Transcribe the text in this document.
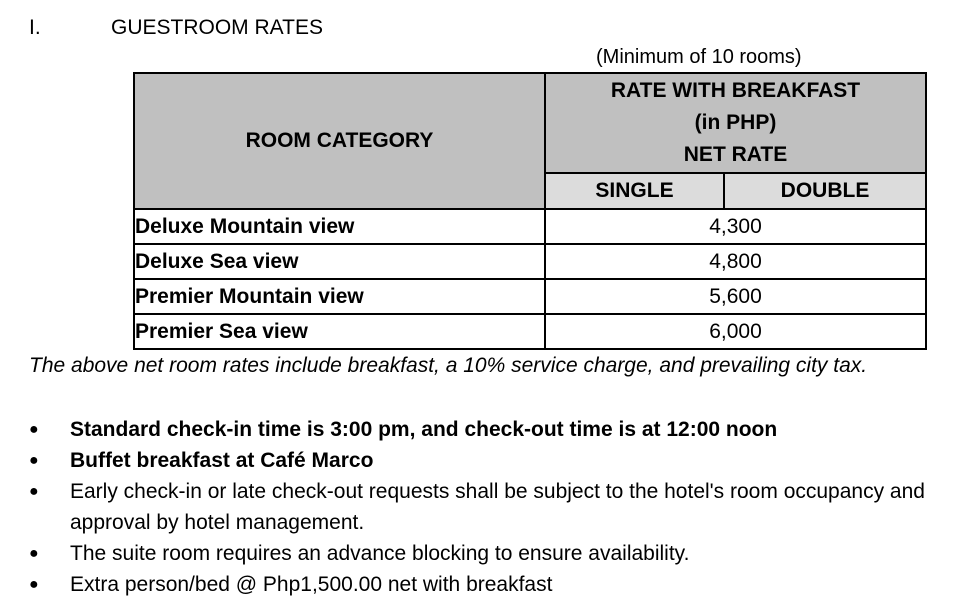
I.	GUESTROOM RATES
(Minimum of 10 rooms)
ROOM CATEGORY	RATE WITH BREAKFAST
(in PHP)
NET RATE	

	SINGLE	DOUBLE
Deluxe Mountain view	4,300	
Deluxe Sea view	4,800	
Premier Mountain view	5,600	
Premier Sea view	6,000	
The above net room rates include breakfast, a 10% service charge, and prevailing city tax.
●	Standard check-in time is 3:00 pm, and check-out time is at 12:00 noon
●	Buffet breakfast at Café Marco
●	Early check-in or late check-out requests shall be subject to the hotel's room occupancy and approval by hotel management.
●	The suite room requires an advance blocking to ensure availability.
●	Extra person/bed @ Php1,500.00 net with breakfast
